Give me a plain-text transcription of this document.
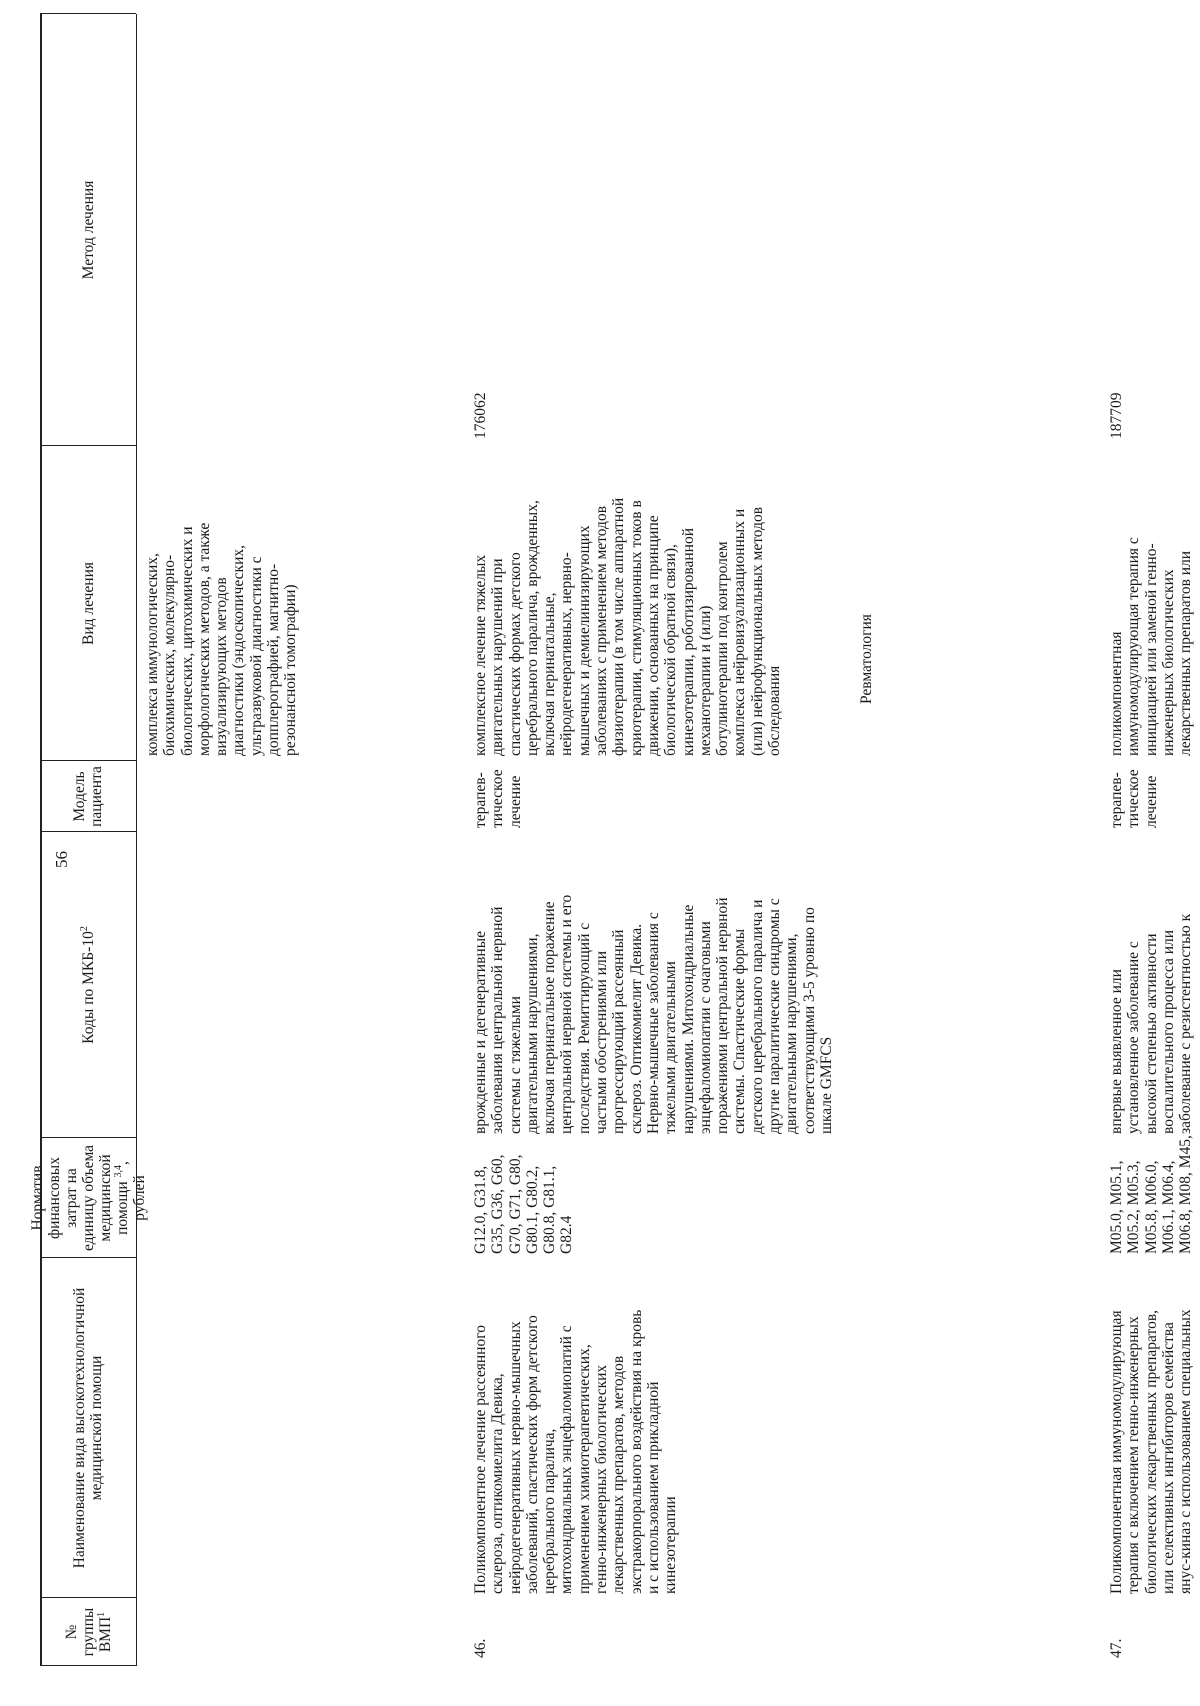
56
№ группы ВМП$^1$
Наименование вида высокотехнологичной медицинской помощи
Коды по МКБ-$10^2$
Модель пациента
Вид лечения
Метод лечения
Норматив финансовых затрат на единицу объема медицинской помощи $^{3,4}$, рублей
комплекса иммунологических, биохимических, молекулярно- биологических, цитохимических и морфологических методов, а также визуализирующих методов диагностики (эндоскопических, ультразвуковой диагностики с допплерографией, магнитно- резонансной томографии)
46.
Поликомпонентное лечение рассеянного склероза, оптикомиелита Девика, нейродегенеративных нервно-мышечных заболеваний, спастических форм детского церебрального паралича, митохондриальных энцефаломиопатий с применением химиотерапевтических, генно-инженерных биологических лекарственных препаратов, методов экстракорпорального воздействия на кровь и с использованием прикладной кинезотерапии
G12.0, G31.8, G35, G36, G60, G70, G71, G80, G80.1, G80.2, G80.8, G81.1, G82.4
врожденные и дегенеративные заболевания центральной нервной системы с тяжелыми двигательными нарушениями, включая перинатальное поражение центральной нервной системы и его последствия. Ремиттирующий с частыми обострениями или прогрессирующий рассеянный склероз. Оптикомиелит Девика. Нервно-мышечные заболевания с тяжелыми двигательными нарушениями. Митохондриальные энцефаломиопатии с очаговыми поражениями центральной нервной системы. Спастические формы детского церебрального паралича и другие паралитические синдромы с двигательными нарушениями, соответствующими 3-5 уровню по шкале GMFCS
терапев- тическое лечение
комплексное лечение тяжелых двигательных нарушений при спастических формах детского церебрального паралича, врожденных, включая перинатальные, нейродегенеративных, нервно- мышечных и демиелинизирующих заболеваниях с применением методов физиотерапии (в том числе аппаратной криотерапии, стимуляционных токов в движении, основанных на принципе биологической обратной связи), кинезотерапии, роботизированной механотерапии и (или) ботулинотерапии под контролем комплекса нейровизуализационных и (или) нейрофункциональных методов обследования
176062
Ревматология
47.
Поликомпонентная иммуномодулирующая терапия с включением генно-инженерных биологических лекарственных препаратов, или селективных ингибиторов семейства янус-киназ с использованием специальных
M05.0, M05.1, M05.2, M05.3, M05.8, M06.0, M06.1, M06.4, M06.8, M08, M45,
впервые выявленное или установленное заболевание с высокой степенью активности воспалительного процесса или заболевание с резистентностью к
терапев- тическое лечение
поликомпонентная иммуномодулирующая терапия с инициацией или заменой генно- инженерных биологических лекарственных препаратов или
187709
